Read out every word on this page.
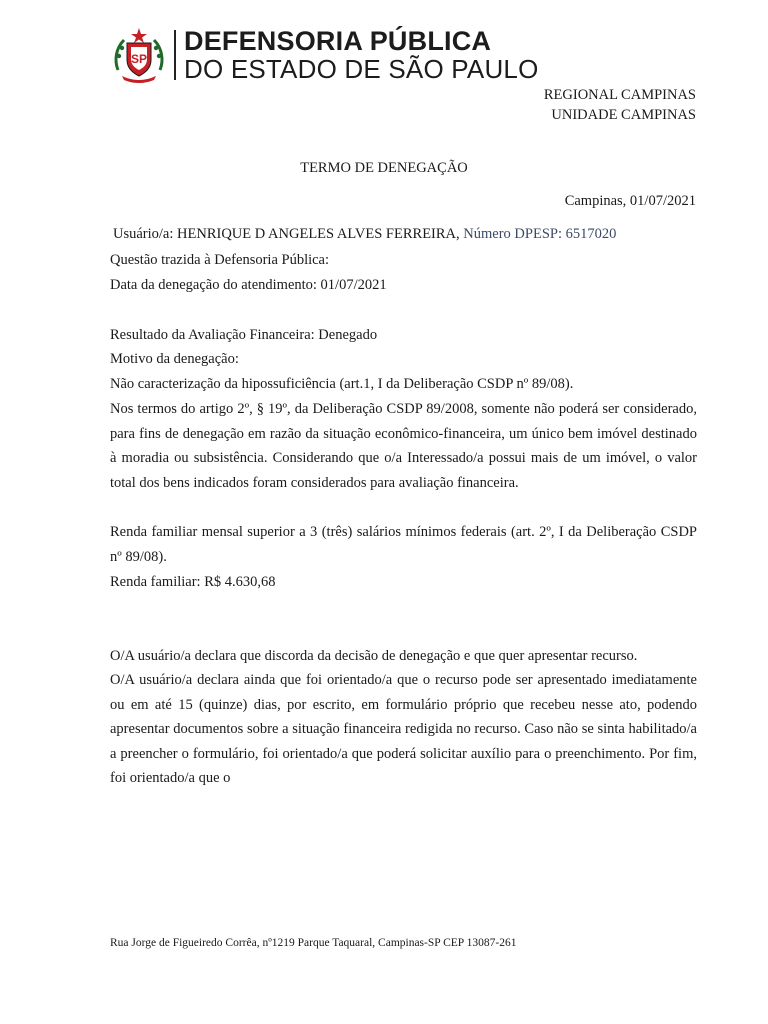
SP
DEFENSORIA PÚBLICA
DO ESTADO DE SÃO PAULO
REGIONAL CAMPINAS
UNIDADE CAMPINAS
TERMO DE DENEGAÇÃO
Campinas, 01/07/2021
Usuário/a: HENRIQUE D ANGELES ALVES FERREIRA, Número DPESP: 6517020
Questão trazida à Defensoria Pública:
Data da denegação do atendimento: 01/07/2021
Resultado da Avaliação Financeira: Denegado
Motivo da denegação:
Não caracterização da hipossuficiência (art.1, I da Deliberação CSDP nº 89/08).

Nos termos do artigo 2º, § 19º, da Deliberação CSDP 89/2008, somente não poderá ser considerado, para fins de denegação em razão da situação econômico-financeira, um único bem imóvel destinado à moradia ou subsistência. Considerando que o/a Interessado/a possui mais de um imóvel, o valor total dos bens indicados foram considerados para avaliação financeira.

Renda familiar mensal superior a 3 (três) salários mínimos federais (art. 2º, I da Deliberação CSDP nº 89/08).

Renda familiar: R$ 4.630,68
O/A usuário/a declara que discorda da decisão de denegação e que quer apresentar recurso.

O/A usuário/a declara ainda que foi orientado/a que o recurso pode ser apresentado imediatamente ou em até 15 (quinze) dias, por escrito, em formulário próprio que recebeu nesse ato, podendo apresentar documentos sobre a situação financeira redigida no recurso. Caso não se sinta habilitado/a a preencher o formulário, foi orientado/a que poderá solicitar auxílio para o preenchimento. Por fim, foi orientado/a que o

Rua Jorge de Figueiredo Corrêa, nº1219 Parque Taquaral, Campinas-SP CEP 13087-261
